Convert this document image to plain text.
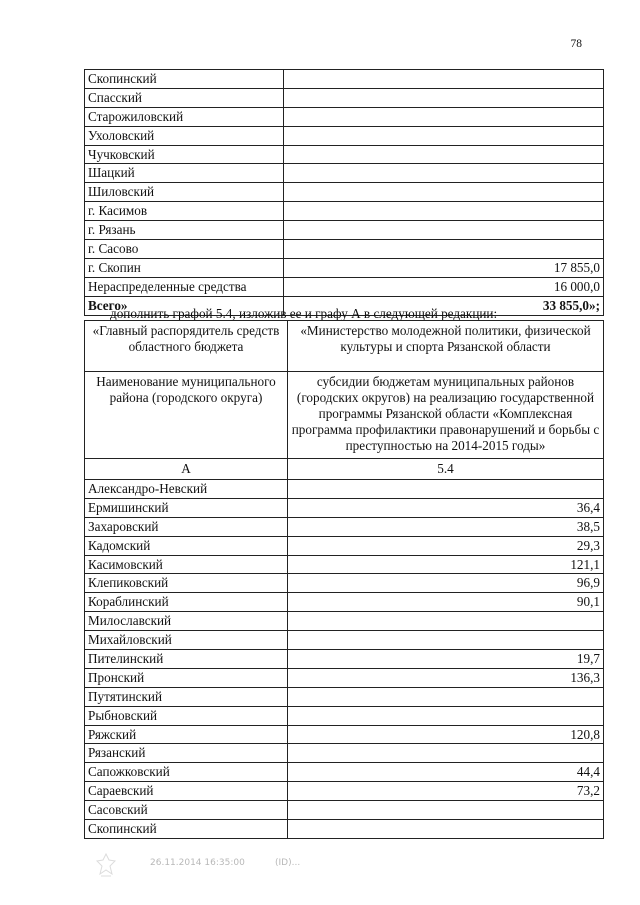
78
Скопинский	
Спасский	
Старожиловский	
Ухоловский	
Чучковский	
Шацкий	
Шиловский	
г. Касимов	
г. Рязань	
г. Сасово	
г. Скопин	17 855,0
Нераспределенные средства	16 000,0
Всего»	33 855,0»;
дополнить графой 5.4, изложив ее и графу А в следующей редакции:
«Главный распорядитель средств областного бюджета	«Министерство молодежной политики, физической культуры и спорта Рязанской области
Наименование муниципального района (городского округа)	субсидии бюджетам муниципальных районов (городских округов) на реализацию государственной программы Рязанской области «Комплексная программа профилактики правонарушений и борьбы с преступностью на 2014-2015 годы»
А	5.4
Александро-Невский	
Ермишинский	36,4
Захаровский	38,5
Кадомский	29,3
Касимовский	121,1
Клепиковский	96,9
Кораблинский	90,1
Милославский	
Михайловский	
Пителинский	19,7
Пронский	136,3
Путятинский	
Рыбновский	
Ряжский	120,8
Рязанский	
Сапожковский	44,4
Сараевский	73,2
Сасовский	
Скопинский	
26.11.2014 16:35:00	(ID)...
